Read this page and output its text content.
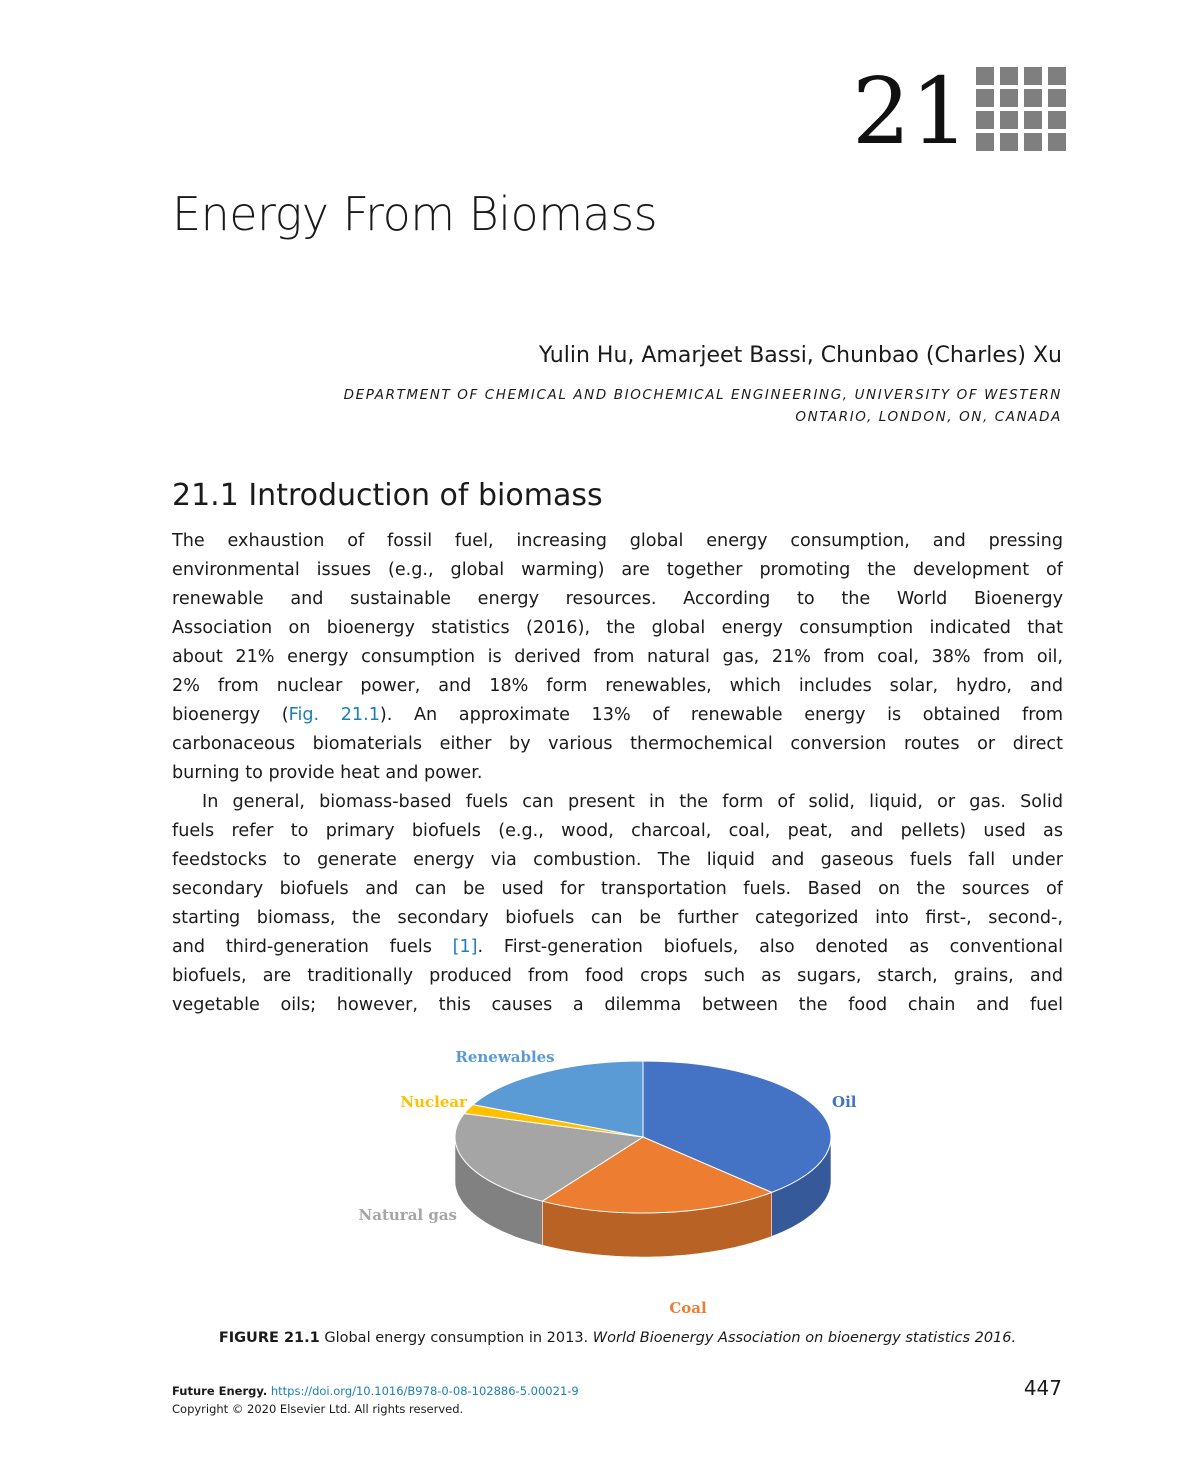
21
Energy From Biomass
Yulin Hu, Amarjeet Bassi, Chunbao (Charles) Xu
DEPARTMENT OF CHEMICAL AND BIOCHEMICAL ENGINEERING, UNIVERSITY OF WESTERN
ONTARIO, LONDON, ON, CANADA
21.1 Introduction of biomass
The exhaustion of fossil fuel, increasing global energy consumption, and pressing
environmental issues (e.g., global warming) are together promoting the development of
renewable and sustainable energy resources. According to the World Bioenergy
Association on bioenergy statistics (2016), the global energy consumption indicated that
about 21% energy consumption is derived from natural gas, 21% from coal, 38% from oil,
2% from nuclear power, and 18% form renewables, which includes solar, hydro, and
bioenergy (Fig. 21.1). An approximate 13% of renewable energy is obtained from
carbonaceous biomaterials either by various thermochemical conversion routes or direct
burning to provide heat and power.
In general, biomass-based fuels can present in the form of solid, liquid, or gas. Solid
fuels refer to primary biofuels (e.g., wood, charcoal, coal, peat, and pellets) used as
feedstocks to generate energy via combustion. The liquid and gaseous fuels fall under
secondary biofuels and can be used for transportation fuels. Based on the sources of
starting biomass, the secondary biofuels can be further categorized into first-, second-,
and third-generation fuels [1]. First-generation biofuels, also denoted as conventional
biofuels, are traditionally produced from food crops such as sugars, starch, grains, and
vegetable oils; however, this causes a dilemma between the food chain and fuel
Oil
Coal
Natural gas
Nuclear
Renewables
FIGURE 21.1 Global energy consumption in 2013. World Bioenergy Association on bioenergy statistics 2016.
Future Energy. https://doi.org/10.1016/B978-0-08-102886-5.00021-9
Copyright © 2020 Elsevier Ltd. All rights reserved.
447
